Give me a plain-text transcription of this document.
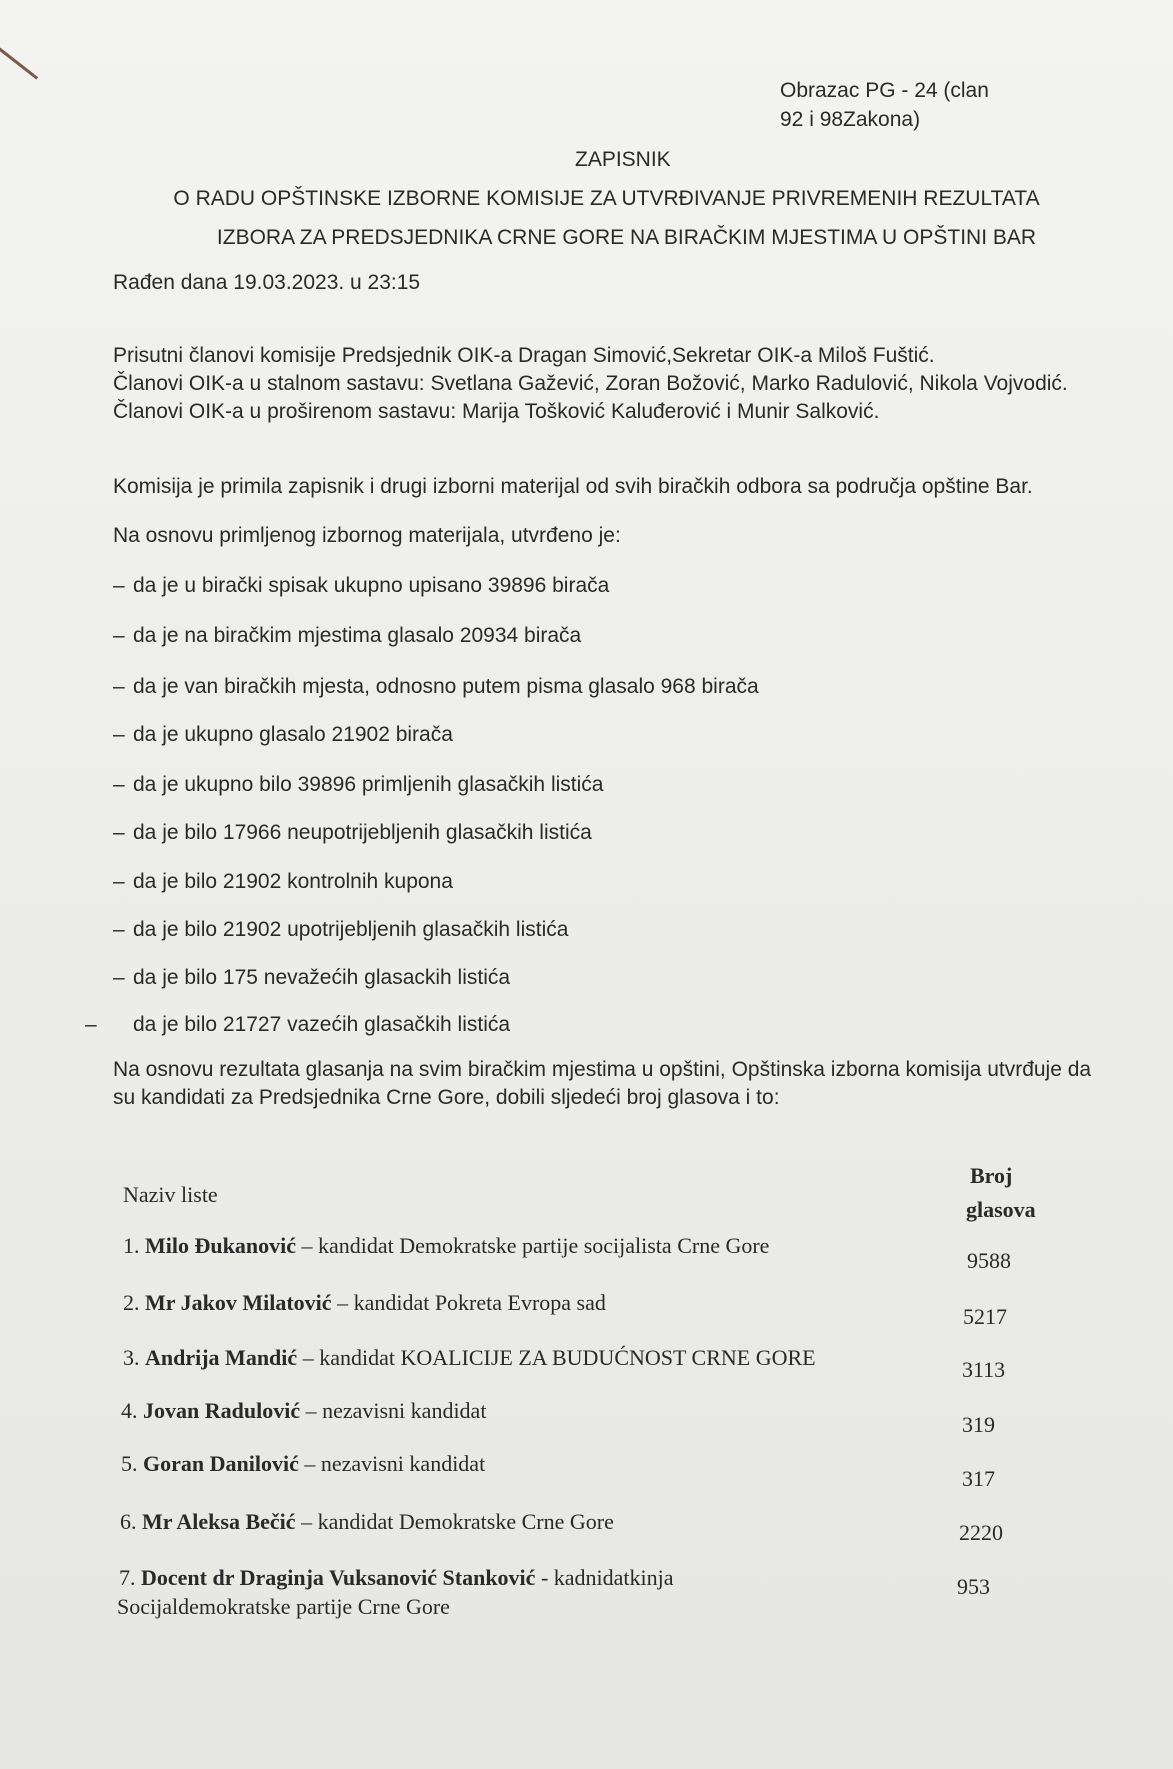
Obrazac PG - 24 (clan
92 i 98Zakona)
ZAPISNIK
O RADU OPŠTINSKE IZBORNE KOMISIJE ZA UTVRĐIVANJE PRIVREMENIH REZULTATA
IZBORA ZA PREDSJEDNIKA CRNE GORE NA BIRAČKIM MJESTIMA U OPŠTINI BAR
Rađen dana 19.03.2023. u 23:15
Prisutni članovi komisije Predsjednik OIK-a Dragan Simović,Sekretar OIK-a Miloš Fuštić.
Članovi OIK-a u stalnom sastavu: Svetlana Gažević, Zoran Božović, Marko Radulović, Nikola Vojvodić.
Članovi OIK-a u proširenom sastavu: Marija Tošković Kaluđerović i Munir Salković.
Komisija je primila zapisnik i drugi izborni materijal od svih biračkih odbora sa područja opštine Bar.
Na osnovu primljenog izbornog materijala, utvrđeno je:
– da je u birački spisak ukupno upisano 39896 birača
– da je na biračkim mjestima glasalo 20934 birača
– da je van biračkih mjesta, odnosno putem pisma glasalo 968 birača
– da je ukupno glasalo 21902 birača
– da je ukupno bilo 39896 primljenih glasačkih listića
– da je bilo 17966 neupotrijebljenih glasačkih listića
– da je bilo 21902 kontrolnih kupona
– da je bilo 21902 upotrijebljenih glasačkih listića
– da je bilo 175 nevažećih glasackih listića
– da je bilo 21727 vazećih glasačkih listića
Na osnovu rezultata glasanja na svim biračkim mjestima u opštini, Opštinska izborna komisija utvrđuje da
su kandidati za Predsjednika Crne Gore, dobili sljedeći broj glasova i to:
Naziv liste
Broj
glasova
1. Milo Đukanović – kandidat Demokratske partije socijalista Crne Gore
9588
2. Mr Jakov Milatović – kandidat Pokreta Evropa sad
5217
3. Andrija Mandić – kandidat KOALICIJE ZA BUDUĆNOST CRNE GORE	3113
4. Jovan Radulović – nezavisni kandidat
319
5. Goran Danilović – nezavisni kandidat
317
6. Mr Aleksa Bečić – kandidat Demokratske Crne Gore	2220
7. Docent dr Draginja Vuksanović Stanković - kadnidatkinja
Socijaldemokratske partije Crne Gore
953
